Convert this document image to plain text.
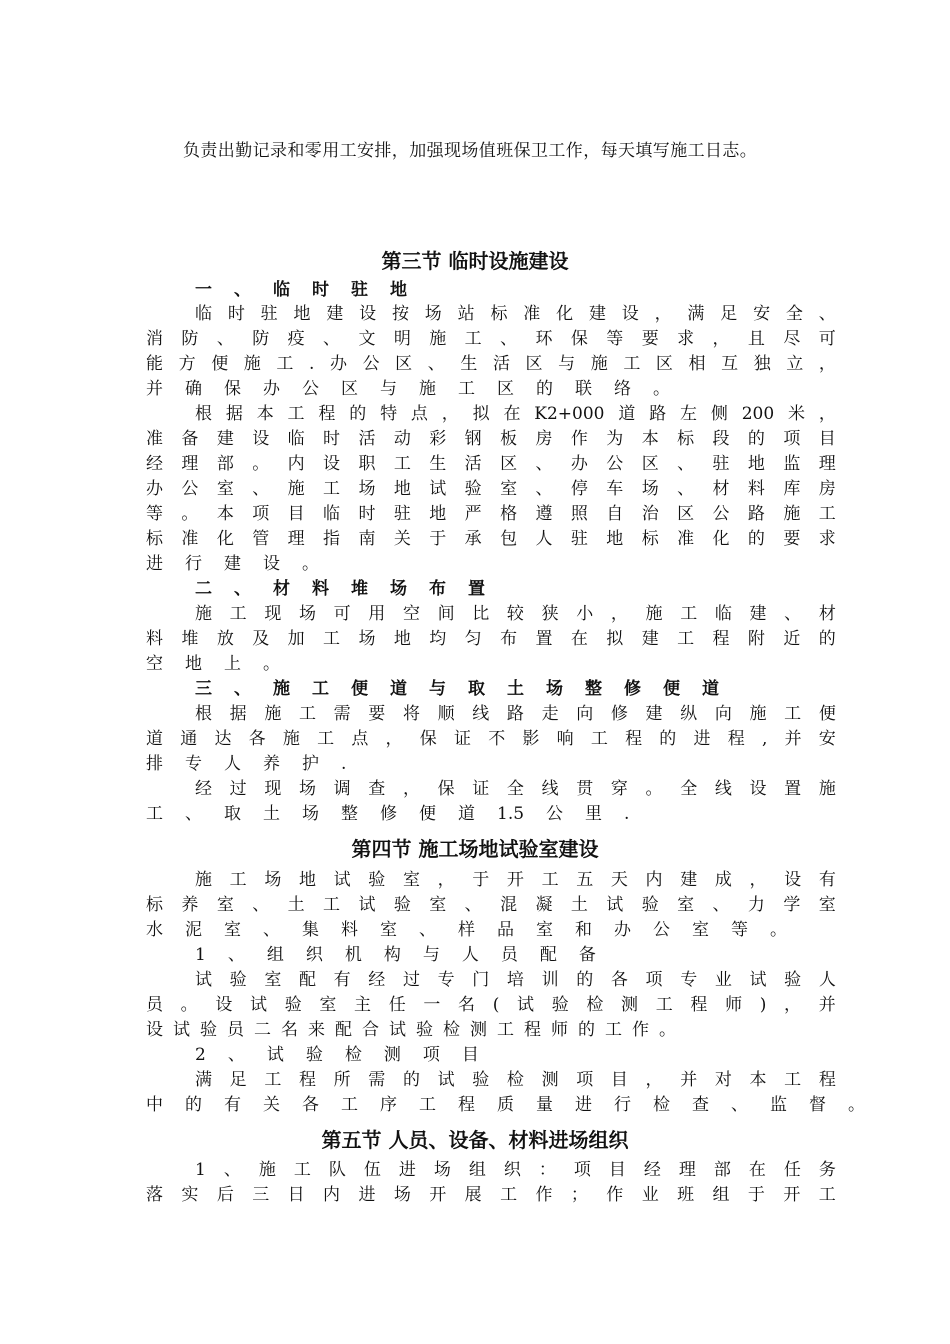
负责出勤记录和零用工安排，加强现场值班保卫工作，每天填写施工日志。
第三节 临时设施建设
一 、 临 时 驻 地
临 时 驻 地 建 设 按 场 站 标 准 化 建 设 ， 满 足 安 全 、
消 防 、 防 疫 、 文 明 施 工 、 环 保 等 要 求 ， 且 尽 可
能 方 便 施 工 . 办 公 区 、 生 活 区 与 施 工 区 相 互 独 立 ，
并 确 保 办 公 区 与 施 工 区 的 联 络 。
根 据 本 工 程 的 特 点 ， 拟 在 K2+000 道 路 左 侧 200 米 ，
准 备 建 设 临 时 活 动 彩 钢 板 房 作 为 本 标 段 的 项 目
经 理 部 。 内 设 职 工 生 活 区 、 办 公 区 、 驻 地 监 理
办 公 室 、 施 工 场 地 试 验 室 、 停 车 场 、 材 料 库 房
等 。 本 项 目 临 时 驻 地 严 格 遵 照 自 治 区 公 路 施 工
标 准 化 管 理 指 南 关 于 承 包 人 驻 地 标 准 化 的 要 求
进 行 建 设 。
二 、 材 料 堆 场 布 置
施 工 现 场 可 用 空 间 比 较 狭 小 ， 施 工 临 建 、 材
料 堆 放 及 加 工 场 地 均 匀 布 置 在 拟 建 工 程 附 近 的
空 地 上 。
三 、 施 工 便 道 与 取 土 场 整 修 便 道
根 据 施 工 需 要 将 顺 线 路 走 向 修 建 纵 向 施 工 便
道 通 达 各 施 工 点 ， 保 证 不 影 响 工 程 的 进 程 , 并 安
排 专 人 养 护 .
经 过 现 场 调 查 ， 保 证 全 线 贯 穿 。 全 线 设 置 施
工 、 取 土 场 整 修 便 道 1.5 公 里 .
第四节 施工场地试验室建设
施 工 场 地 试 验 室 ， 于 开 工 五 天 内 建 成 ， 设 有
标 养 室 、 土 工 试 验 室 、 混 凝 土 试 验 室 、 力 学 室
水 泥 室 、 集 料 室 、 样 品 室 和 办 公 室 等 。
1 、 组 织 机 构 与 人 员 配 备
试 验 室 配 有 经 过 专 门 培 训 的 各 项 专 业 试 验 人
员 。 设 试 验 室 主 任 一 名 ( 试 验 检 测 工 程 师 ) ， 并
设 试 验 员 二 名 来 配 合 试 验 检 测 工 程 师 的 工 作 。
2 、 试 验 检 测 项 目
满 足 工 程 所 需 的 试 验 检 测 项 目 ， 并 对 本 工 程
中 的 有 关 各 工 序 工 程 质 量 进 行 检 查 、 监 督 。
第五节 人员、设备、材料进场组织
1 、 施 工 队 伍 进 场 组 织 ： 项 目 经 理 部 在 任 务
落 实 后 三 日 内 进 场 开 展 工 作 ； 作 业 班 组 于 开 工
